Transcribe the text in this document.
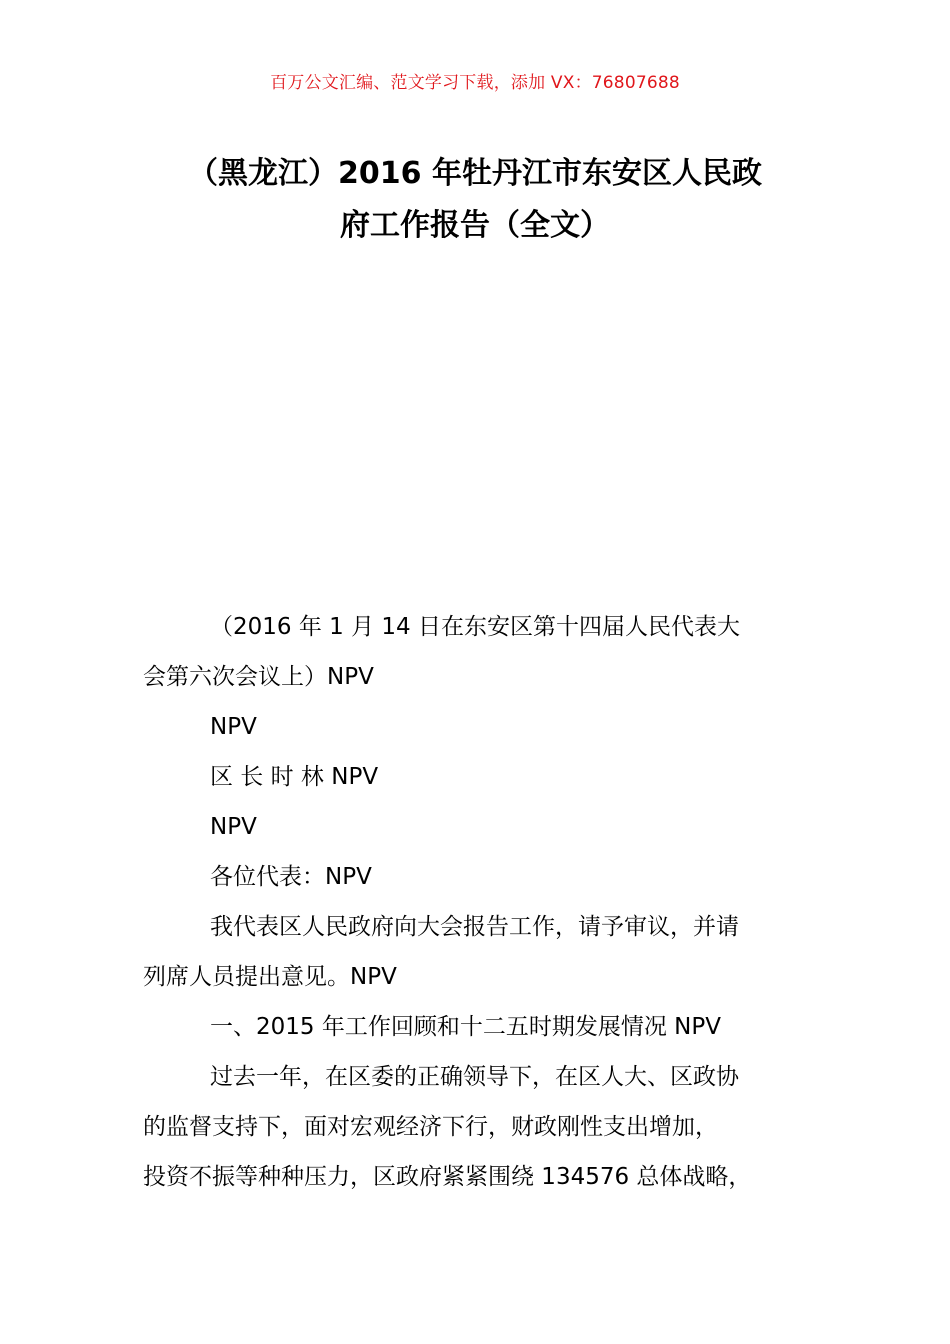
百万公文汇编、范文学习下载，添加 VX：76807688
（黑龙江）2016 年牡丹江市东安区人民政
府工作报告（全文）
（2016 年 1 月 14 日在东安区第十四届人民代表大
会第六次会议上）NPV
NPV
区 长 时 林 NPV
NPV
各位代表：NPV
我代表区人民政府向大会报告工作，请予审议，并请
列席人员提出意见。NPV
一、2015 年工作回顾和十二五时期发展情况 NPV
过去一年，在区委的正确领导下，在区人大、区政协
的监督支持下，面对宏观经济下行，财政刚性支出增加，
投资不振等种种压力，区政府紧紧围绕 134576 总体战略，
